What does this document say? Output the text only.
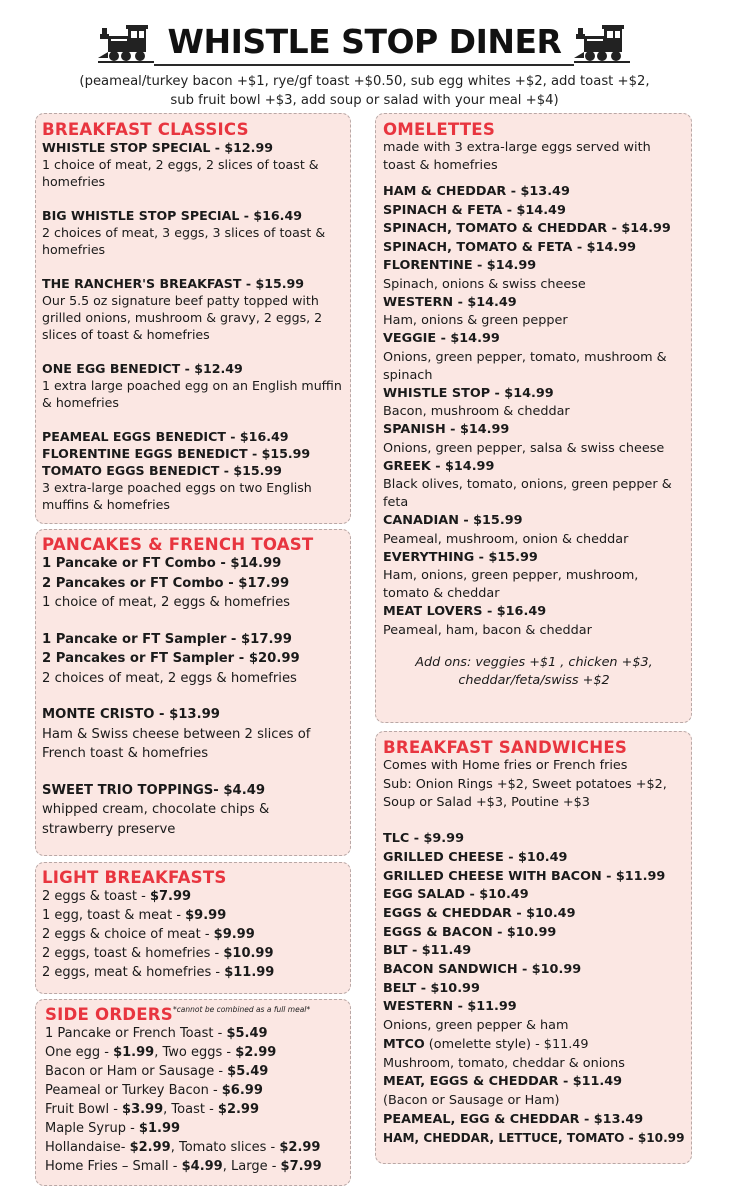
WHISTLE STOP DINER
(peameal/turkey bacon +$1, rye/gf toast +$0.50, sub egg whites +$2, add toast +$2,
sub fruit bowl +$3, add soup or salad with your meal +$4)
BREAKFAST CLASSICS
WHISTLE STOP SPECIAL - $12.99
1 choice of meat, 2 eggs, 2 slices of toast & homefries
BIG WHISTLE STOP SPECIAL - $16.49
2 choices of meat, 3 eggs, 3 slices of toast & homefries
THE RANCHER'S BREAKFAST - $15.99
Our 5.5 oz signature beef patty topped with grilled onions, mushroom & gravy, 2 eggs, 2 slices of toast & homefries
ONE EGG BENEDICT - $12.49
1 extra large poached egg on an English muffin & homefries
PEAMEAL EGGS BENEDICT - $16.49
FLORENTINE EGGS BENEDICT - $15.99
TOMATO EGGS BENEDICT - $15.99
3 extra-large poached eggs on two English muffins & homefries
PANCAKES & FRENCH TOAST
1 Pancake or FT Combo - $14.99
2 Pancakes or FT Combo - $17.99
1 choice of meat, 2 eggs & homefries
1 Pancake or FT Sampler - $17.99
2 Pancakes or FT Sampler - $20.99
2 choices of meat, 2 eggs & homefries
MONTE CRISTO - $13.99
Ham & Swiss cheese between 2 slices of French toast & homefries
SWEET TRIO TOPPINGS- $4.49
whipped cream, chocolate chips & strawberry preserve
LIGHT BREAKFASTS
2 eggs & toast - $7.99
1 egg, toast & meat - $9.99
2 eggs & choice of meat - $9.99
2 eggs, toast & homefries - $10.99
2 eggs, meat & homefries - $11.99
SIDE ORDERS$^{*cannot be combined as a full meal*}$
1 Pancake or French Toast - $5.49
One egg - $1.99, Two eggs - $2.99
Bacon or Ham or Sausage - $5.49
Peameal or Turkey Bacon - $6.99
Fruit Bowl - $3.99, Toast - $2.99
Maple Syrup - $1.99
Hollandaise- $2.99, Tomato slices - $2.99
Home Fries – Small - $4.99, Large - $7.99
OMELETTES
made with 3 extra-large eggs served with toast & homefries
HAM & CHEDDAR - $13.49
SPINACH & FETA - $14.49
SPINACH, TOMATO & CHEDDAR - $14.99
SPINACH, TOMATO & FETA - $14.99
FLORENTINE - $14.99
Spinach, onions & swiss cheese
WESTERN - $14.49
Ham, onions & green pepper
VEGGIE - $14.99
Onions, green pepper, tomato, mushroom & spinach
WHISTLE STOP - $14.99
Bacon, mushroom & cheddar
SPANISH - $14.99
Onions, green pepper, salsa & swiss cheese
GREEK - $14.99
Black olives, tomato, onions, green pepper & feta
CANADIAN - $15.99
Peameal, mushroom, onion & cheddar
EVERYTHING - $15.99
Ham, onions, green pepper, mushroom, tomato & cheddar
MEAT LOVERS - $16.49
Peameal, ham, bacon & cheddar
Add ons: veggies +$1 , chicken +$3,
cheddar/feta/swiss +$2
BREAKFAST SANDWICHES
Comes with Home fries or French fries
Sub: Onion Rings +$2, Sweet potatoes +$2,
Soup or Salad +$3, Poutine +$3
TLC - $9.99
GRILLED CHEESE - $10.49
GRILLED CHEESE WITH BACON - $11.99
EGG SALAD - $10.49
EGGS & CHEDDAR - $10.49
EGGS & BACON - $10.99
BLT - $11.49
BACON SANDWICH - $10.99
BELT - $10.99
WESTERN - $11.99
Onions, green pepper & ham
MTCO (omelette style) - $11.49
Mushroom, tomato, cheddar & onions
MEAT, EGGS & CHEDDAR - $11.49
(Bacon or Sausage or Ham)
PEAMEAL, EGG & CHEDDAR - $13.49
HAM, CHEDDAR, LETTUCE, TOMATO - $10.99
